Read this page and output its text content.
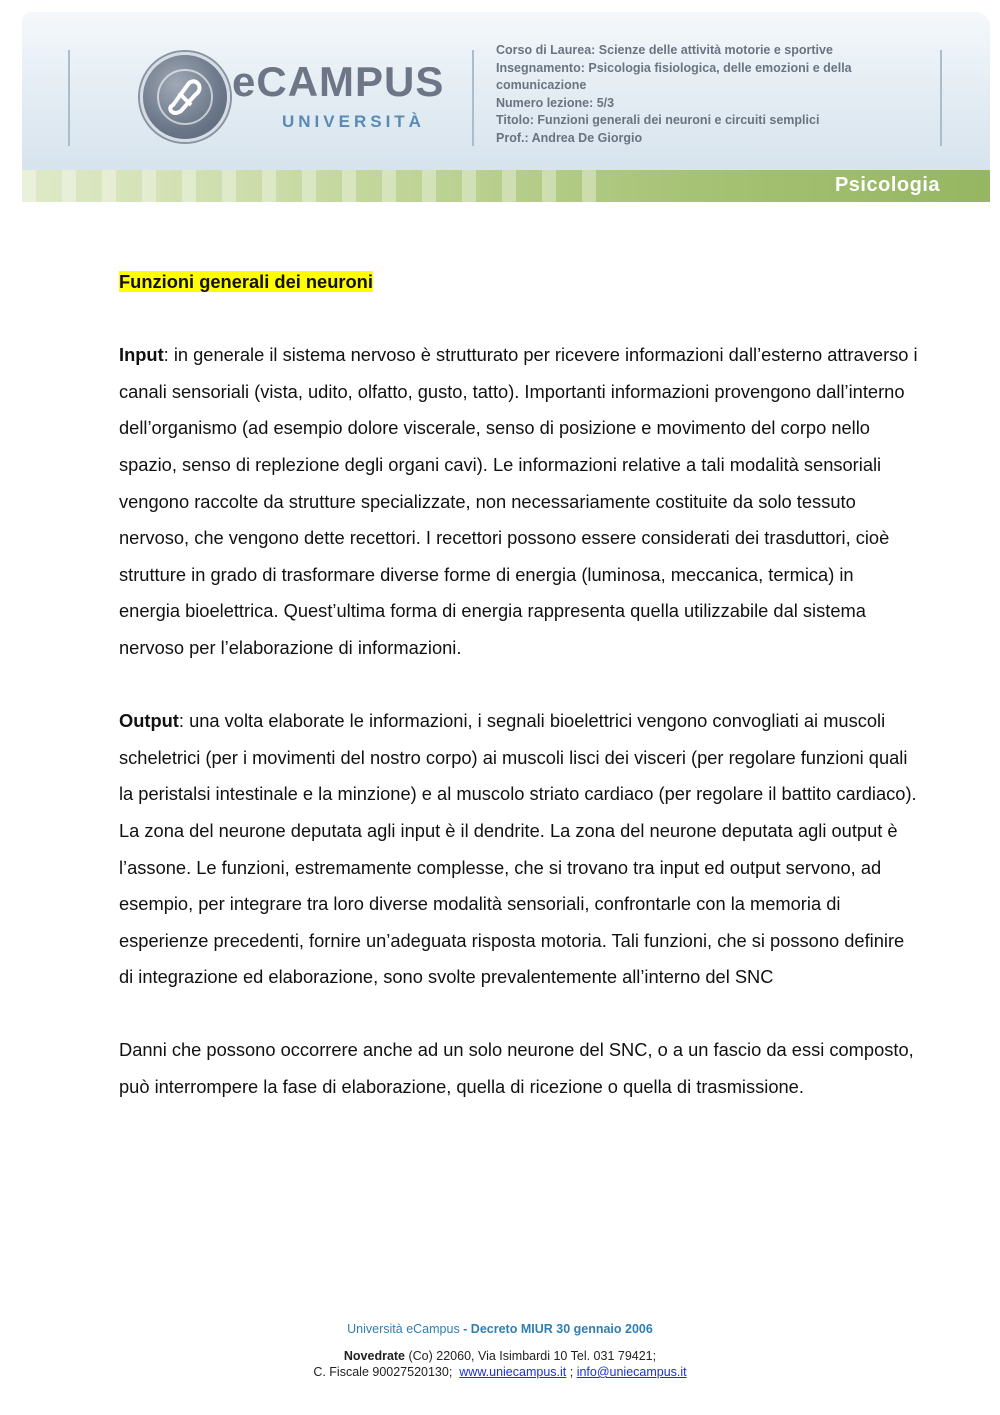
eCAMPUS
UNIVERSITÀ
Corso di Laurea: Scienze delle attività motorie e sportive
Insegnamento: Psicologia fisiologica, delle emozioni e della
comunicazione
Numero lezione: 5/3
Titolo: Funzioni generali dei neuroni e circuiti semplici
Prof.: Andrea De Giorgio
Psicologia
Funzioni generali dei neuroni

Input: in generale il sistema nervoso è strutturato per ricevere informazioni dall’esterno attraverso i canali sensoriali (vista, udito, olfatto, gusto, tatto). Importanti informazioni provengono dall’interno dell’organismo (ad esempio dolore viscerale, senso di posizione e movimento del corpo nello spazio, senso di replezione degli organi cavi). Le informazioni relative a tali modalità sensoriali vengono raccolte da strutture specializzate, non necessariamente costituite da solo tessuto nervoso, che vengono dette recettori. I recettori possono essere considerati dei trasduttori, cioè strutture in grado di trasformare diverse forme di energia (luminosa, meccanica, termica) in energia bioelettrica. Quest’ultima forma di energia rappresenta quella utilizzabile dal sistema nervoso per l’elaborazione di informazioni.

Output: una volta elaborate le informazioni, i segnali bioelettrici vengono convogliati ai muscoli scheletrici (per i movimenti del nostro corpo) ai muscoli lisci dei visceri (per regolare funzioni quali la peristalsi intestinale e la minzione) e al muscolo striato cardiaco (per regolare il battito cardiaco).

La zona del neurone deputata agli input è il dendrite. La zona del neurone deputata agli output è l’assone. Le funzioni, estremamente complesse, che si trovano tra input ed output servono, ad esempio, per integrare tra loro diverse modalità sensoriali, confrontarle con la memoria di esperienze precedenti, fornire un’adeguata risposta motoria. Tali funzioni, che si possono definire di integrazione ed elaborazione, sono svolte prevalentemente all’interno del SNC

Danni che possono occorrere anche ad un solo neurone del SNC, o a un fascio da essi composto, può interrompere la fase di elaborazione, quella di ricezione o quella di trasmissione.

Università eCampus - Decreto MIUR 30 gennaio 2006
Novedrate (Co) 22060, Via Isimbardi 10 Tel. 031 79421;
C. Fiscale 90027520130; www.uniecampus.it ; info@uniecampus.it
